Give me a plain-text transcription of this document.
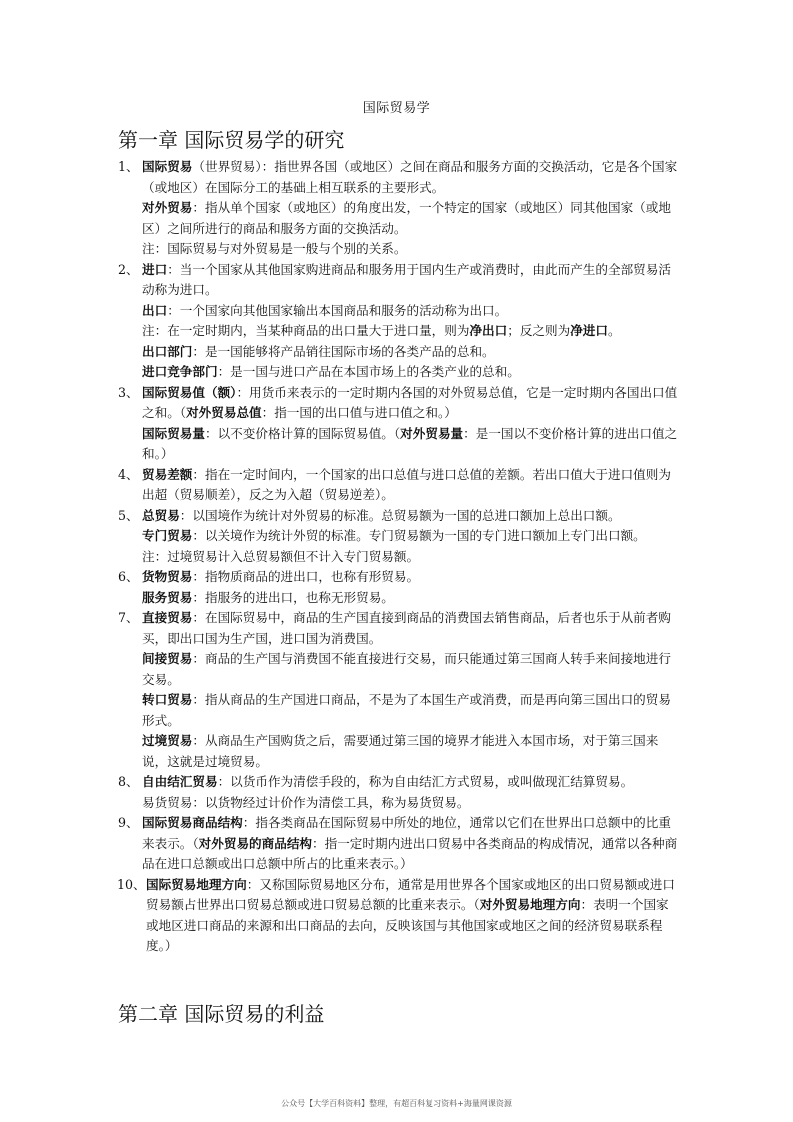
国际贸易学
第一章 国际贸易学的研究
1、 国际贸易（世界贸易）：指世界各国（或地区）之间在商品和服务方面的交换活动，它是各个国家（或地区）在国际分工的基础上相互联系的主要形式。
对外贸易：指从单个国家（或地区）的角度出发，一个特定的国家（或地区）同其他国家（或地区）之间所进行的商品和服务方面的交换活动。
注：国际贸易与对外贸易是一般与个别的关系。
2、 进口：当一个国家从其他国家购进商品和服务用于国内生产或消费时，由此而产生的全部贸易活动称为进口。
出口：一个国家向其他国家输出本国商品和服务的活动称为出口。
注：在一定时期内，当某种商品的出口量大于进口量，则为净出口；反之则为净进口。
出口部门：是一国能够将产品销往国际市场的各类产品的总和。
进口竞争部门：是一国与进口产品在本国市场上的各类产业的总和。
3、 国际贸易值（额）：用货币来表示的一定时期内各国的对外贸易总值，它是一定时期内各国出口值之和。（对外贸易总值：指一国的出口值与进口值之和。）
国际贸易量：以不变价格计算的国际贸易值。（对外贸易量：是一国以不变价格计算的进出口值之和。）
4、 贸易差额：指在一定时间内，一个国家的出口总值与进口总值的差额。若出口值大于进口值则为出超（贸易顺差），反之为入超（贸易逆差）。
5、 总贸易：以国境作为统计对外贸易的标准。总贸易额为一国的总进口额加上总出口额。
专门贸易：以关境作为统计外贸的标准。专门贸易额为一国的专门进口额加上专门出口额。
注：过境贸易计入总贸易额但不计入专门贸易额。
6、 货物贸易：指物质商品的进出口，也称有形贸易。
服务贸易：指服务的进出口，也称无形贸易。
7、 直接贸易：在国际贸易中，商品的生产国直接到商品的消费国去销售商品，后者也乐于从前者购买，即出口国为生产国，进口国为消费国。
间接贸易：商品的生产国与消费国不能直接进行交易，而只能通过第三国商人转手来间接地进行交易。
转口贸易：指从商品的生产国进口商品，不是为了本国生产或消费，而是再向第三国出口的贸易形式。
过境贸易：从商品生产国购货之后，需要通过第三国的境界才能进入本国市场，对于第三国来说，这就是过境贸易。
8、 自由结汇贸易：以货币作为清偿手段的，称为自由结汇方式贸易，或叫做现汇结算贸易。
易货贸易：以货物经过计价作为清偿工具，称为易货贸易。
9、 国际贸易商品结构：指各类商品在国际贸易中所处的地位，通常以它们在世界出口总额中的比重来表示。（对外贸易的商品结构：指一定时期内进出口贸易中各类商品的构成情况，通常以各种商品在进口总额或出口总额中所占的比重来表示。）
10、 国际贸易地理方向：又称国际贸易地区分布，通常是用世界各个国家或地区的出口贸易额或进口贸易额占世界出口贸易总额或进口贸易总额的比重来表示。（对外贸易地理方向：表明一个国家或地区进口商品的来源和出口商品的去向，反映该国与其他国家或地区之间的经济贸易联系程度。）
第二章 国际贸易的利益
公众号【大学百科资料】整理，有超百科复习资料+海量网课资源
